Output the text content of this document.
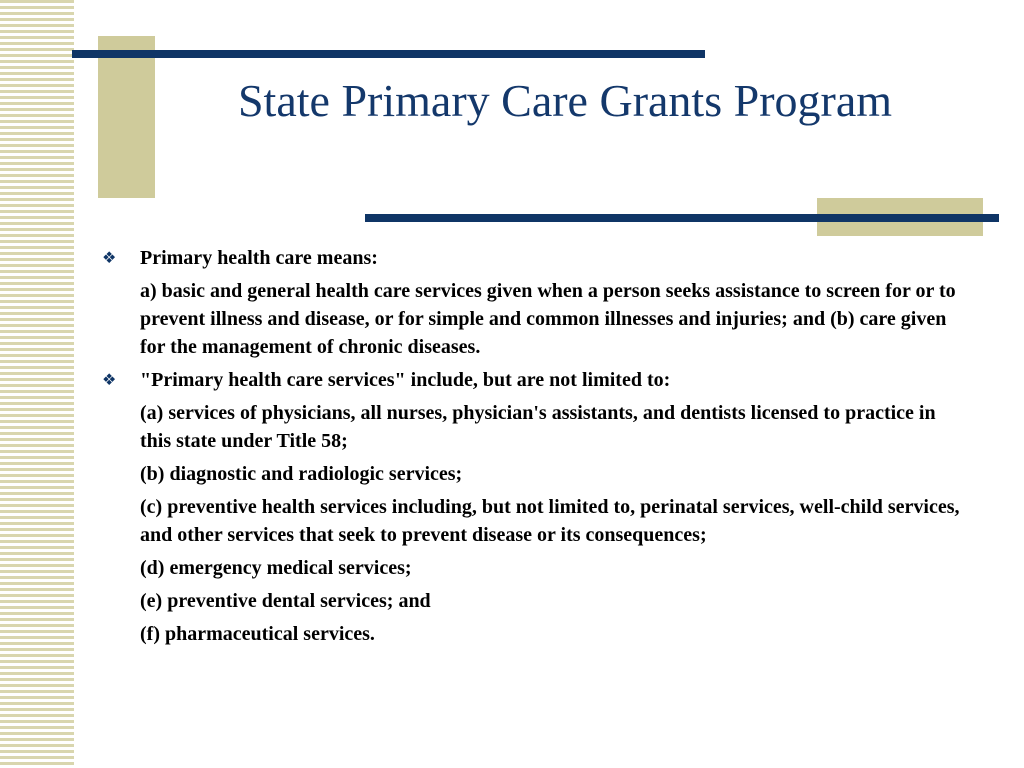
State Primary Care Grants Program
❖	Primary health care means:
a) basic and general health care services given when a person seeks assistance to screen for or to prevent illness and disease, or for simple and common illnesses and injuries; and (b) care given for the management of chronic diseases.
❖	"Primary health care services" include, but are not limited to:
(a) services of physicians, all nurses, physician's assistants, and dentists licensed to practice in this state under Title 58;
(b) diagnostic and radiologic services;
(c) preventive health services including, but not limited to, perinatal services, well-child services, and other services that seek to prevent disease or its consequences;
(d) emergency medical services;
(e) preventive dental services; and
(f) pharmaceutical services.
